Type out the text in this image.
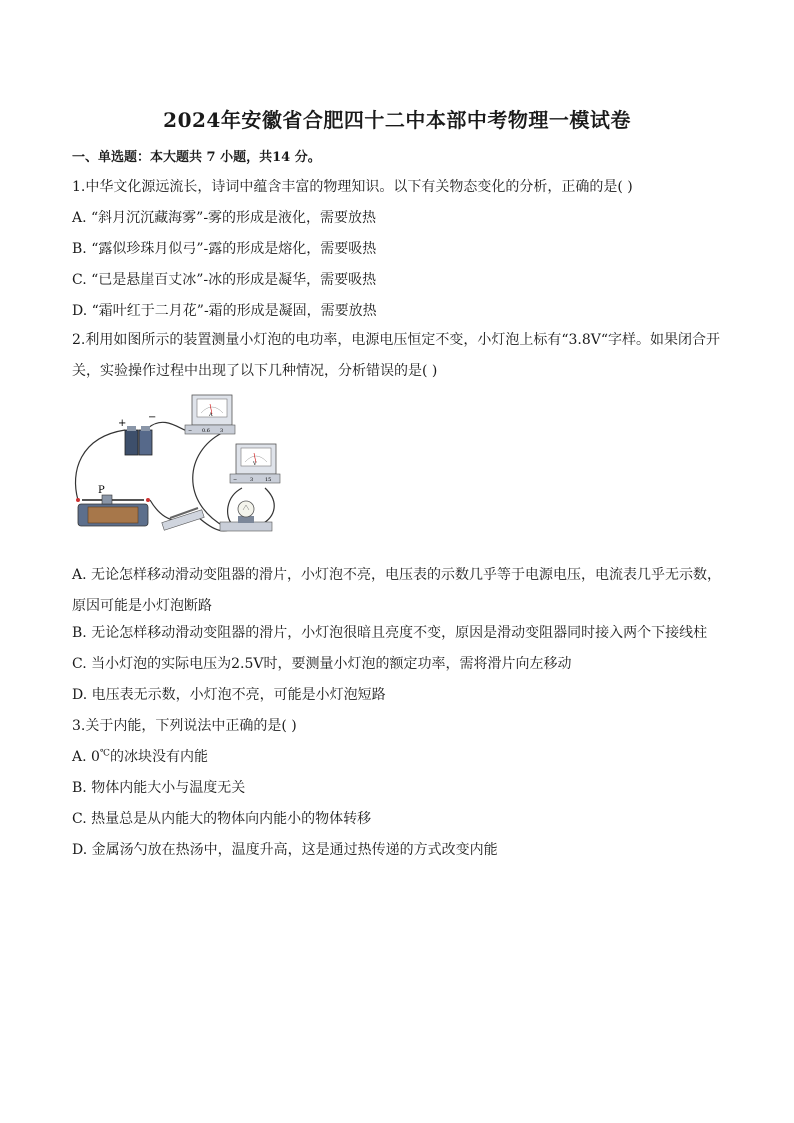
2024年安徽省合肥四十二中本部中考物理一模试卷
一、单选题：本大题共 7 小题，共14 分。
1.中华文化源远流长，诗词中蕴含丰富的物理知识。以下有关物态变化的分析，正确的是( )
A. “斜月沉沉藏海雾”-雾的形成是液化，需要放热
B. “露似珍珠月似弓”-露的形成是熔化，需要吸热
C. “已是悬崖百丈冰”-冰的形成是凝华，需要吸热
D. “霜叶红于二月花”-霜的形成是凝固，需要放热
2.利用如图所示的装置测量小灯泡的电功率，电源电压恒定不变，小灯泡上标有“3.8V“字样。如果闭合开关，实验操作过程中出现了以下几种情况，分析错误的是( )
+
−	A
− 0.6 3
V
−	3 15
P
A. 无论怎样移动滑动变阻器的滑片，小灯泡不亮，电压表的示数几乎等于电源电压，电流表几乎无示数，原因可能是小灯泡断路
B. 无论怎样移动滑动变阻器的滑片，小灯泡很暗且亮度不变，原因是滑动变阻器同时接入两个下接线柱
C. 当小灯泡的实际电压为2.5V时，要测量小灯泡的额定功率，需将滑片向左移动
D. 电压表无示数，小灯泡不亮，可能是小灯泡短路
3.关于内能，下列说法中正确的是( )
A. 0℃的冰块没有内能
B. 物体内能大小与温度无关
C. 热量总是从内能大的物体向内能小的物体转移
D. 金属汤勺放在热汤中，温度升高，这是通过热传递的方式改变内能
